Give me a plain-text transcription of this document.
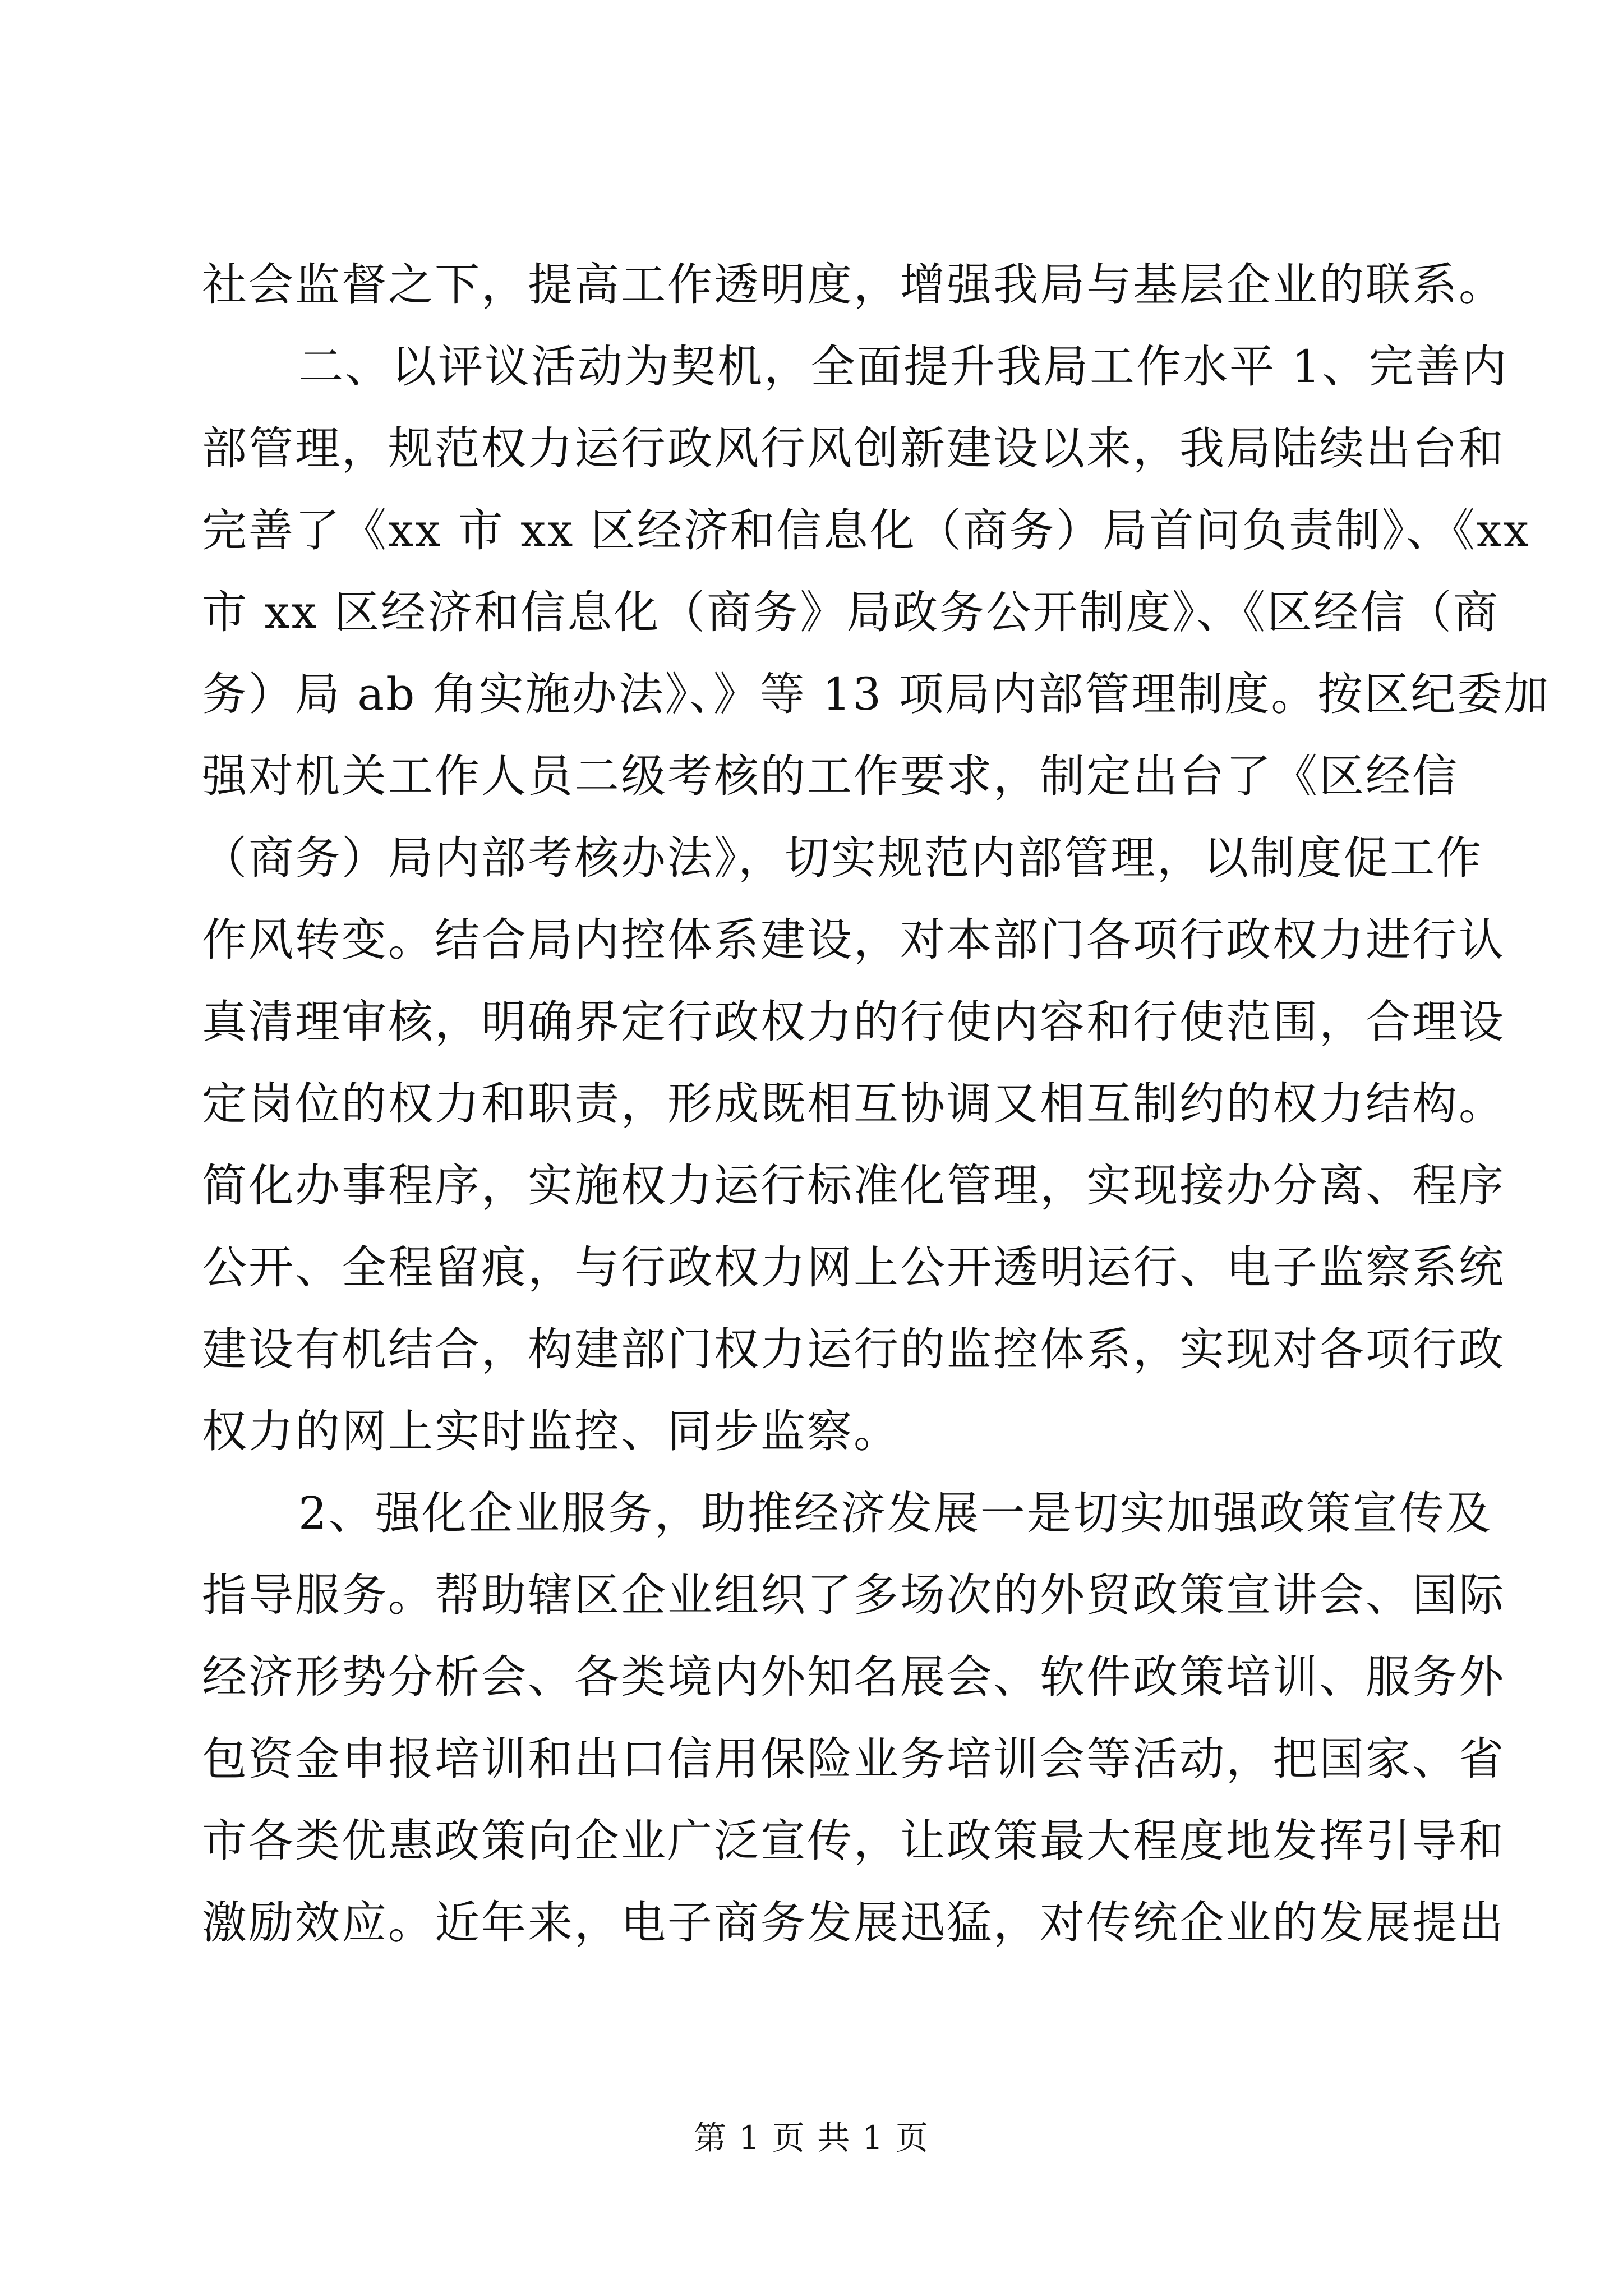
社会监督之下，提高工作透明度，增强我局与基层企业的联系。
二、以评议活动为契机，全面提升我局工作水平 1、完善内
部管理，规范权力运行政风行风创新建设以来，我局陆续出台和
完善了《xx 市 xx 区经济和信息化（商务）局首问负责制》、《xx
市 xx 区经济和信息化（商务》局政务公开制度》、《区经信（商
务）局 ab 角实施办法》、》等 13 项局内部管理制度。按区纪委加
强对机关工作人员二级考核的工作要求，制定出台了《区经信
（商务）局内部考核办法》，切实规范内部管理，以制度促工作
作风转变。结合局内控体系建设，对本部门各项行政权力进行认
真清理审核，明确界定行政权力的行使内容和行使范围，合理设
定岗位的权力和职责，形成既相互协调又相互制约的权力结构。
简化办事程序，实施权力运行标准化管理，实现接办分离、程序
公开、全程留痕，与行政权力网上公开透明运行、电子监察系统
建设有机结合，构建部门权力运行的监控体系，实现对各项行政
权力的网上实时监控、同步监察。
2、强化企业服务，助推经济发展一是切实加强政策宣传及
指导服务。帮助辖区企业组织了多场次的外贸政策宣讲会、国际
经济形势分析会、各类境内外知名展会、软件政策培训、服务外
包资金申报培训和出口信用保险业务培训会等活动，把国家、省
市各类优惠政策向企业广泛宣传，让政策最大程度地发挥引导和
激励效应。近年来，电子商务发展迅猛，对传统企业的发展提出
第 1 页 共 1 页
